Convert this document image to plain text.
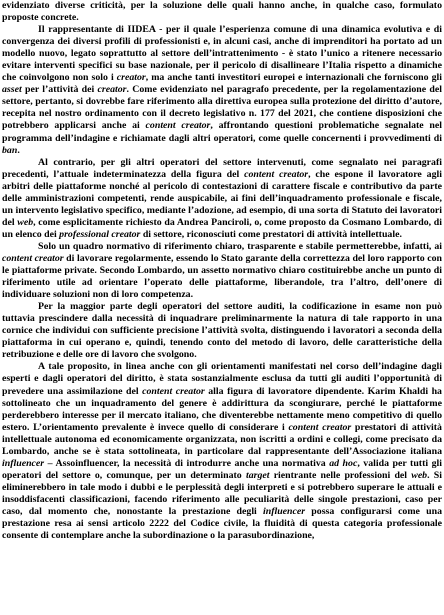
evidenziato diverse criticità, per la soluzione delle quali hanno anche, in qualche caso, formulato proposte concrete.

Il rappresentante di IIDEA - per il quale l’esperienza comune di una dinamica evolutiva e di convergenza dei diversi profili di professionisti e, in alcuni casi, anche di imprenditori ha portato ad un modello nuovo, legato soprattutto al settore dell’intrattenimento - è stato l’unico a ritenere necessario evitare interventi specifici su base nazionale, per il pericolo di disallineare l’Italia rispetto a dinamiche che coinvolgono non solo i creator, ma anche tanti investitori europei e internazionali che forniscono gli asset per l’attività dei creator. Come evidenziato nel paragrafo precedente, per la regolamentazione del settore, pertanto, si dovrebbe fare riferimento alla direttiva europea sulla protezione del diritto d’autore, recepita nel nostro ordinamento con il decreto legislativo n. 177 del 2021, che contiene disposizioni che potrebbero applicarsi anche ai content creator, affrontando questioni problematiche segnalate nel programma dell’indagine e richiamate dagli altri operatori, come quelle concernenti i provvedimenti di ban.

Al contrario, per gli altri operatori del settore intervenuti, come segnalato nei paragrafi precedenti, l’attuale indeterminatezza della figura del content creator, che espone il lavoratore agli arbitri delle piattaforme nonché al pericolo di contestazioni di carattere fiscale e contributivo da parte delle amministrazioni competenti, rende auspicabile, ai fini dell’inquadramento professionale e fiscale, un intervento legislativo specifico, mediante l’adozione, ad esempio, di una sorta di Statuto dei lavoratori del web, come esplicitamente richiesto da Andrea Panciroli, o, come proposto da Cosmano Lombardo, di un elenco dei professional creator di settore, riconosciuti come prestatori di attività intellettuale.

Solo un quadro normativo di riferimento chiaro, trasparente e stabile permetterebbe, infatti, ai content creator di lavorare regolarmente, essendo lo Stato garante della correttezza del loro rapporto con le piattaforme private. Secondo Lombardo, un assetto normativo chiaro costituirebbe anche un punto di riferimento utile ad orientare l’operato delle piattaforme, liberandole, tra l’altro, dell’onere di individuare soluzioni non di loro competenza.

Per la maggior parte degli operatori del settore auditi, la codificazione in esame non può tuttavia prescindere dalla necessità di inquadrare preliminarmente la natura di tale rapporto in una cornice che individui con sufficiente precisione l’attività svolta, distinguendo i lavoratori a seconda della piattaforma in cui operano e, quindi, tenendo conto del metodo di lavoro, delle caratteristiche della retribuzione e delle ore di lavoro che svolgono.

A tale proposito, in linea anche con gli orientamenti manifestati nel corso dell’indagine dagli esperti e dagli operatori del diritto, è stata sostanzialmente esclusa da tutti gli auditi l’opportunità di prevedere una assimilazione del content creator alla figura di lavoratore dipendente. Karim Khaldi ha sottolineato che un inquadramento del genere è addirittura da scongiurare, perché le piattaforme perderebbero interesse per il mercato italiano, che diventerebbe nettamente meno competitivo di quello estero. L’orientamento prevalente è invece quello di considerare i content creator prestatori di attività intellettuale autonoma ed economicamente organizzata, non iscritti a ordini e collegi, come precisato da Lombardo, anche se è stata sottolineata, in particolare dal rappresentante dell’Associazione italiana influencer – Assoinfluencer, la necessità di introdurre anche una normativa ad hoc, valida per tutti gli operatori del settore o, comunque, per un determinato target rientrante nelle professioni del web. Si eliminerebbero in tale modo i dubbi e le perplessità degli interpreti e si potrebbero superare le attuali e insoddisfacenti classificazioni, facendo riferimento alle peculiarità delle singole prestazioni, caso per caso, dal momento che, nonostante la prestazione degli influencer possa configurarsi come una prestazione resa ai sensi articolo 2222 del Codice civile, la fluidità di questa categoria professionale consente di contemplare anche la subordinazione o la parasubordinazione,
